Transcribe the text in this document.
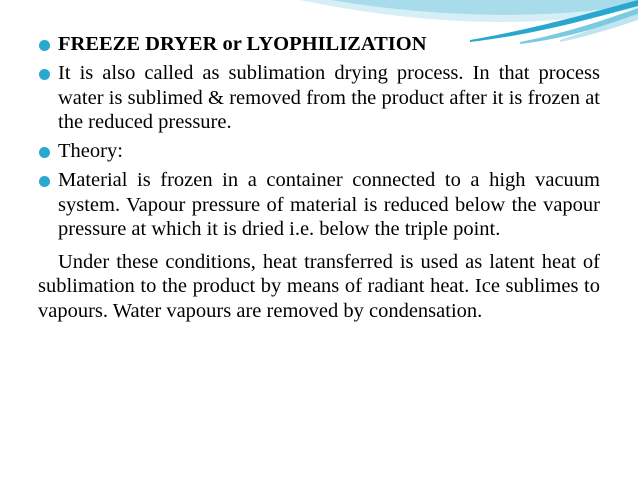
FREEZE DRYER or LYOPHILIZATION
It is also called as sublimation drying process. In that process water is sublimed & removed from the product after it is frozen at the reduced pressure.
Theory:
Material is frozen in a container connected to a high vacuum system. Vapour pressure of material is reduced below the vapour pressure at which it is dried i.e. below the triple point.
Under these conditions, heat transferred is used as latent heat of sublimation to the product by means of radiant heat. Ice sublimes to vapours. Water vapours are removed by condensation.
